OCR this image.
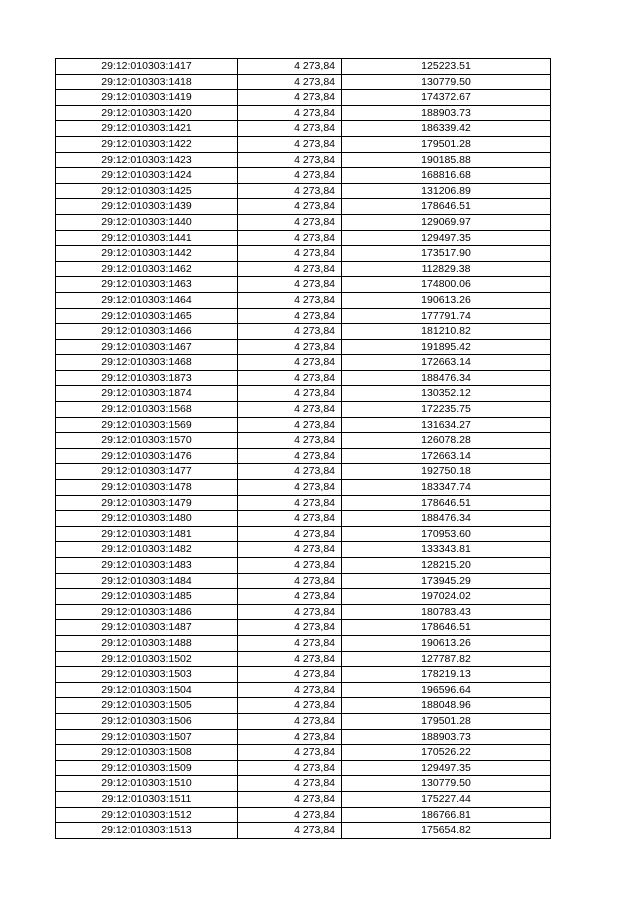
29:12:010303:1417	4 273,84	125223.51
29:12:010303:1418	4 273,84	130779.50
29:12:010303:1419	4 273,84	174372.67
29:12:010303:1420	4 273,84	188903.73
29:12:010303:1421	4 273,84	186339.42
29:12:010303:1422	4 273,84	179501.28
29:12:010303:1423	4 273,84	190185.88
29:12:010303:1424	4 273,84	168816.68
29:12:010303:1425	4 273,84	131206.89
29:12:010303:1439	4 273,84	178646.51
29:12:010303:1440	4 273,84	129069.97
29:12:010303:1441	4 273,84	129497.35
29:12:010303:1442	4 273,84	173517.90
29:12:010303:1462	4 273,84	112829.38
29:12:010303:1463	4 273,84	174800.06
29:12:010303:1464	4 273,84	190613.26
29:12:010303:1465	4 273,84	177791.74
29:12:010303:1466	4 273,84	181210.82
29:12:010303:1467	4 273,84	191895.42
29:12:010303:1468	4 273,84	172663.14
29:12:010303:1873	4 273,84	188476.34
29:12:010303:1874	4 273,84	130352.12
29:12:010303:1568	4 273,84	172235.75
29:12:010303:1569	4 273,84	131634.27
29:12:010303:1570	4 273,84	126078.28
29:12:010303:1476	4 273,84	172663.14
29:12:010303:1477	4 273,84	192750.18
29:12:010303:1478	4 273,84	183347.74
29:12:010303:1479	4 273,84	178646.51
29:12:010303:1480	4 273,84	188476.34
29:12:010303:1481	4 273,84	170953.60
29:12:010303:1482	4 273,84	133343.81
29:12:010303:1483	4 273,84	128215.20
29:12:010303:1484	4 273,84	173945.29
29:12:010303:1485	4 273,84	197024.02
29:12:010303:1486	4 273,84	180783.43
29:12:010303:1487	4 273,84	178646.51
29:12:010303:1488	4 273,84	190613.26
29:12:010303:1502	4 273,84	127787.82
29:12:010303:1503	4 273,84	178219.13
29:12:010303:1504	4 273,84	196596.64
29:12:010303:1505	4 273,84	188048.96
29:12:010303:1506	4 273,84	179501.28
29:12:010303:1507	4 273,84	188903.73
29:12:010303:1508	4 273,84	170526.22
29:12:010303:1509	4 273,84	129497.35
29:12:010303:1510	4 273,84	130779.50
29:12:010303:1511	4 273,84	175227.44
29:12:010303:1512	4 273,84	186766.81
29:12:010303:1513	4 273,84	175654.82
